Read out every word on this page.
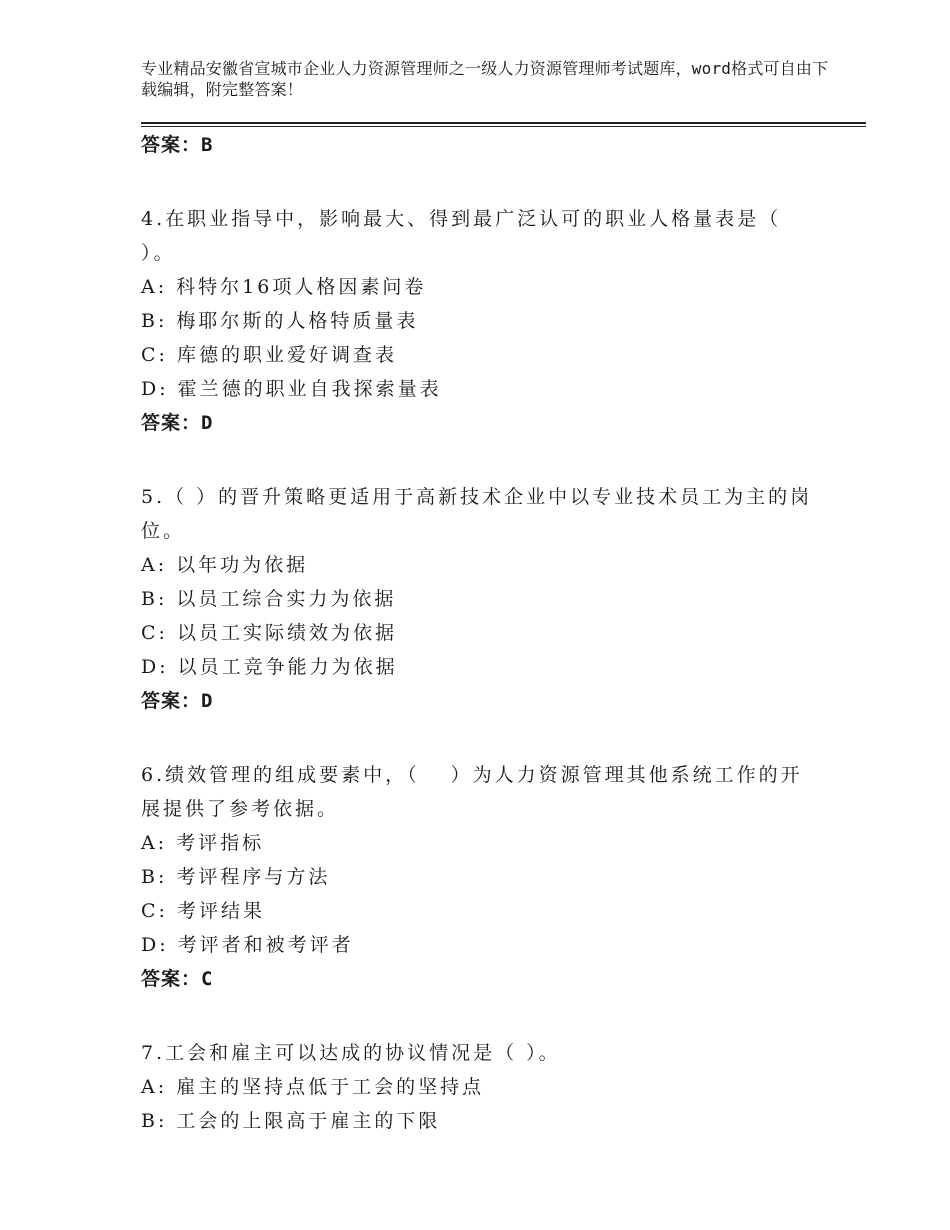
专业精品安徽省宣城市企业人力资源管理师之一级人力资源管理师考试题库，word格式可自由下载编辑，附完整答案！
答案：B
4.在职业指导中，影响最大、得到最广泛认可的职业人格量表是（ ）。
A: 科特尔16项人格因素问卷
B: 梅耶尔斯的人格特质量表
C: 库德的职业爱好调查表
D: 霍兰德的职业自我探索量表
答案：D
5.（ ）的晋升策略更适用于高新技术企业中以专业技术员工为主的岗位。
A: 以年功为依据
B: 以员工综合实力为依据
C: 以员工实际绩效为依据
D: 以员工竞争能力为依据
答案：D
6.绩效管理的组成要素中，（　 ）为人力资源管理其他系统工作的开展提供了参考依据。
A: 考评指标
B: 考评程序与方法
C: 考评结果
D: 考评者和被考评者
答案：C
7.工会和雇主可以达成的协议情况是（ ）。
A: 雇主的坚持点低于工会的坚持点
B: 工会的上限高于雇主的下限
